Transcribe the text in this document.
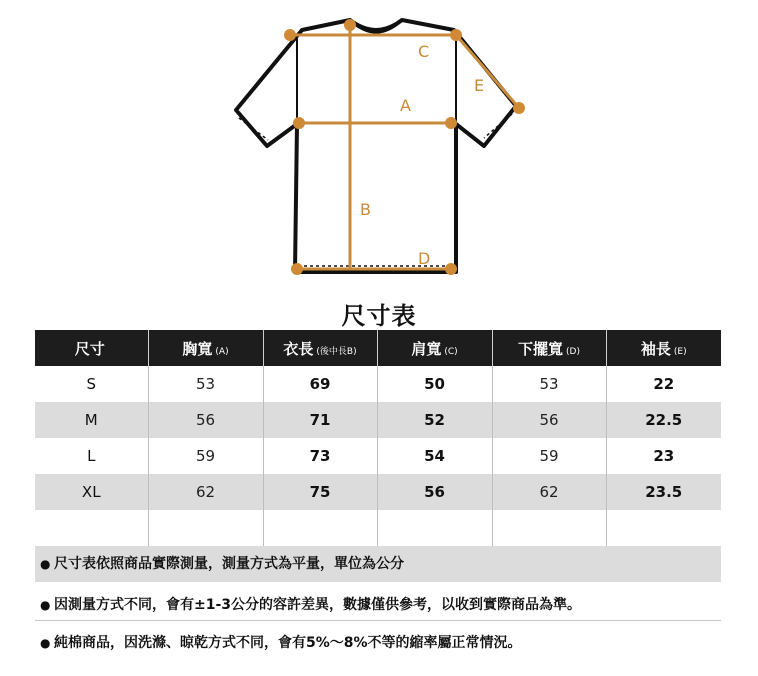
C
E
A
B
D
尺寸表
尺寸	胸寬 (A)	衣長 (後中長B)	肩寬 (C)	下擺寬 (D)	袖長 (E)
S	53	69	50	53	22
M	56	71	52	56	22.5
L	59	73	54	59	23
XL	62	75	56	62	23.5

● 尺寸表依照商品實際測量，測量方式為平量，單位為公分
● 因測量方式不同，會有±1-3公分的容許差異，數據僅供參考，以收到實際商品為準。
● 純棉商品，因洗滌、晾乾方式不同，會有5%～8%不等的縮率屬正常情況。
